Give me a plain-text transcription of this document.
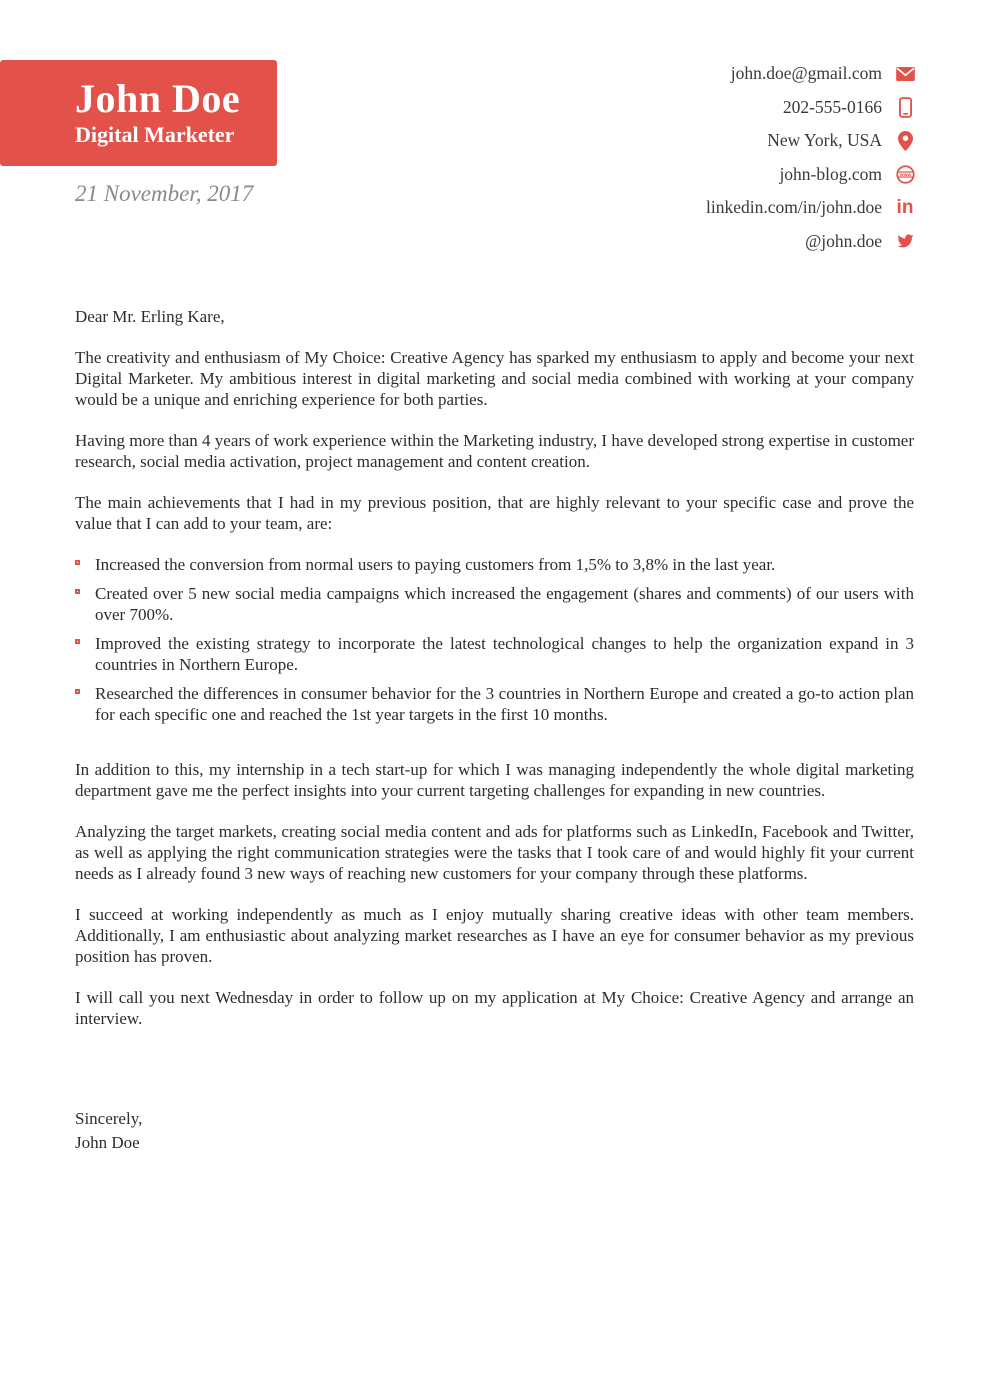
John Doe
Digital Marketer
21 November, 2017
john.doe@gmail.com
202-555-0166
New York, USA
john-blog.com	www
linkedin.com/in/john.doe in
@john.doe

Dear Mr. Erling Kare,

The creativity and enthusiasm of My Choice: Creative Agency has sparked my enthusiasm to apply and become your next Digital Marketer. My ambitious interest in digital marketing and social media combined with working at your company would be a unique and enriching experience for both parties.

Having more than 4 years of work experience within the Marketing industry, I have developed strong expertise in customer research, social media activation, project management and content creation.

The main achievements that I had in my previous position, that are highly relevant to your specific case and prove the value that I can add to your team, are:

Increased the conversion from normal users to paying customers from 1,5% to 3,8% in the last year.
Created over 5 new social media campaigns which increased the engagement (shares and comments) of our users with over 700%.
Improved the existing strategy to incorporate the latest technological changes to help the organization expand in 3 countries in Northern Europe.
Researched the differences in consumer behavior for the 3 countries in Northern Europe and created a go-to action plan for each specific one and reached the 1st year targets in the first 10 months.

In addition to this, my internship in a tech start-up for which I was managing independently the whole digital marketing department gave me the perfect insights into your current targeting challenges for expanding in new countries.

Analyzing the target markets, creating social media content and ads for platforms such as LinkedIn, Facebook and Twitter, as well as applying the right communication strategies were the tasks that I took care of and would highly fit your current needs as I already found 3 new ways of reaching new customers for your company through these platforms.

I succeed at working independently as much as I enjoy mutually sharing creative ideas with other team members. Additionally, I am enthusiastic about analyzing market researches as I have an eye for consumer behavior as my previous position has proven.

I will call you next Wednesday in order to follow up on my application at My Choice: Creative Agency and arrange an interview.

Sincerely,
John Doe
